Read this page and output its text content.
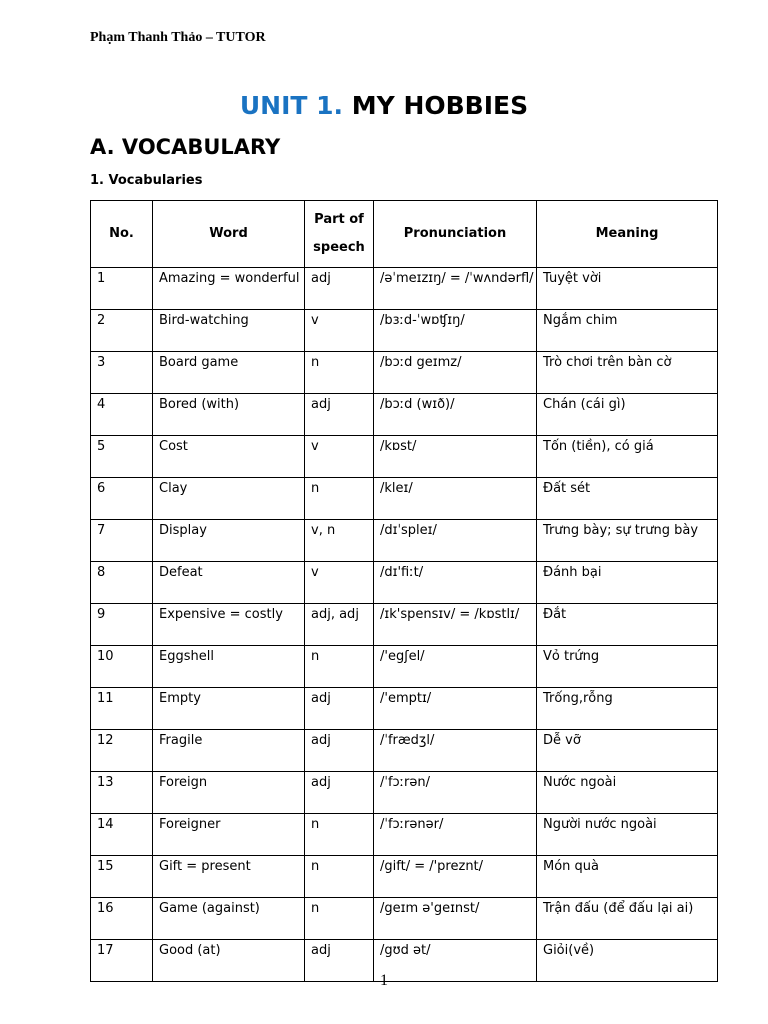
Phạm Thanh Thảo – TUTOR
UNIT 1. MY HOBBIES
A. VOCABULARY
1. Vocabularies
No.	Word	Part of speech	Pronunciation	Meaning
1	Amazing = wonderful	adj	/əˈmeɪzɪŋ/ = /ˈwʌndərfl/	Tuyệt vời
2	Bird-watching	v	/bɜːd-ˈwɒʧɪŋ/	Ngắm chim
3	Board game	n	/bɔːd geɪmz/	Trò chơi trên bàn cờ
4	Bored (with)	adj	/bɔːd (wɪð)/	Chán (cái gì)
5	Cost	v	/kɒst/	Tốn (tiền), có giá
6	Clay	n	/kleɪ/	Đất sét
7	Display	v, n	/dɪˈspleɪ/	Trưng bày; sự trưng bày
8	Defeat	v	/dɪ'fiːt/	Đánh bại
9	Expensive = costly	adj, adj	/ɪk'spensɪv/ = /kɒstlɪ/	Đắt
10	Eggshell	n	/'egʃel/	Vỏ trứng
11	Empty	adj	/'emptɪ/	Trống,rỗng
12	Fragile	adj	/ˈfrædʒl/	Dễ vỡ
13	Foreign	adj	/ˈfɔːrən/	Nước ngoài
14	Foreigner	n	/ˈfɔːrənər/	Người nước ngoài
15	Gift = present	n	/gift/ = /'preznt/	Món quà
16	Game (against)	n	/geɪm ə'geɪnst/	Trận đấu (để đấu lại ai)
17	Good (at)	adj	/gʊd ət/	Giỏi(về)
1
